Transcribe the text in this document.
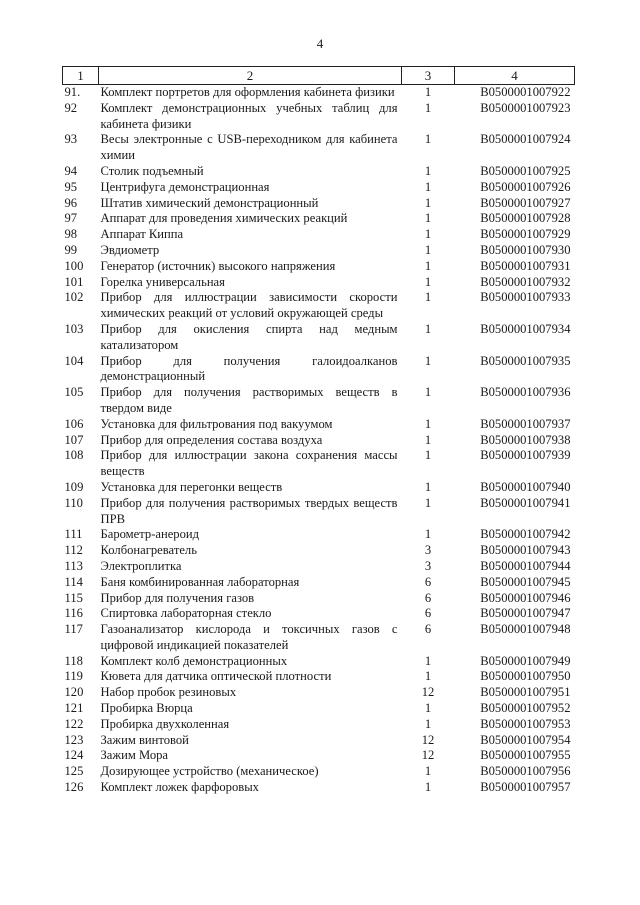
4
1	2	3	4
91.	Комплект портретов для оформления кабинета физики	1	B0500001007922
92	Комплект демонстрационных учебных таблиц для кабинета физики	1	B0500001007923
93	Весы электронные с USB-переходником для кабинета химии	1	B0500001007924
94	Столик подъемный	1	B0500001007925
95	Центрифуга демонстрационная	1	B0500001007926
96	Штатив химический демонстрационный	1	B0500001007927
97	Аппарат для проведения химических реакций	1	B0500001007928
98	Аппарат Киппа	1	B0500001007929
99	Эвдиометр	1	B0500001007930
100	Генератор (источник) высокого напряжения	1	B0500001007931
101	Горелка универсальная	1	B0500001007932
102	Прибор для иллюстрации зависимости скорости химических реакций от условий окружающей среды	1	B0500001007933
103	Прибор для окисления спирта над медным катализатором	1	B0500001007934
104	Прибор для получения галоидоалканов демонстрационный	1	B0500001007935
105	Прибор для получения растворимых веществ в твердом виде	1	B0500001007936
106	Установка для фильтрования под вакуумом	1	B0500001007937
107	Прибор для определения состава воздуха	1	B0500001007938
108	Прибор для иллюстрации закона сохранения массы веществ	1	B0500001007939
109	Установка для перегонки веществ	1	B0500001007940
110	Прибор для получения растворимых твердых веществ ПРВ	1	B0500001007941
111	Барометр-анероид	1	B0500001007942
112	Колбонагреватель	3	B0500001007943
113	Электроплитка	3	B0500001007944
114	Баня комбинированная лабораторная	6	B0500001007945
115	Прибор для получения газов	6	B0500001007946
116	Спиртовка лабораторная стекло	6	B0500001007947
117	Газоанализатор кислорода и токсичных газов с цифровой индикацией показателей	6	B0500001007948
118	Комплект колб демонстрационных	1	B0500001007949
119	Кювета для датчика оптической плотности	1	B0500001007950
120	Набор пробок резиновых	12	B0500001007951
121	Пробирка Вюрца	1	B0500001007952
122	Пробирка двухколенная	1	B0500001007953
123	Зажим винтовой	12	B0500001007954
124	Зажим Мора	12	B0500001007955
125	Дозирующее устройство (механическое)	1	B0500001007956
126	Комплект ложек фарфоровых	1	B0500001007957
